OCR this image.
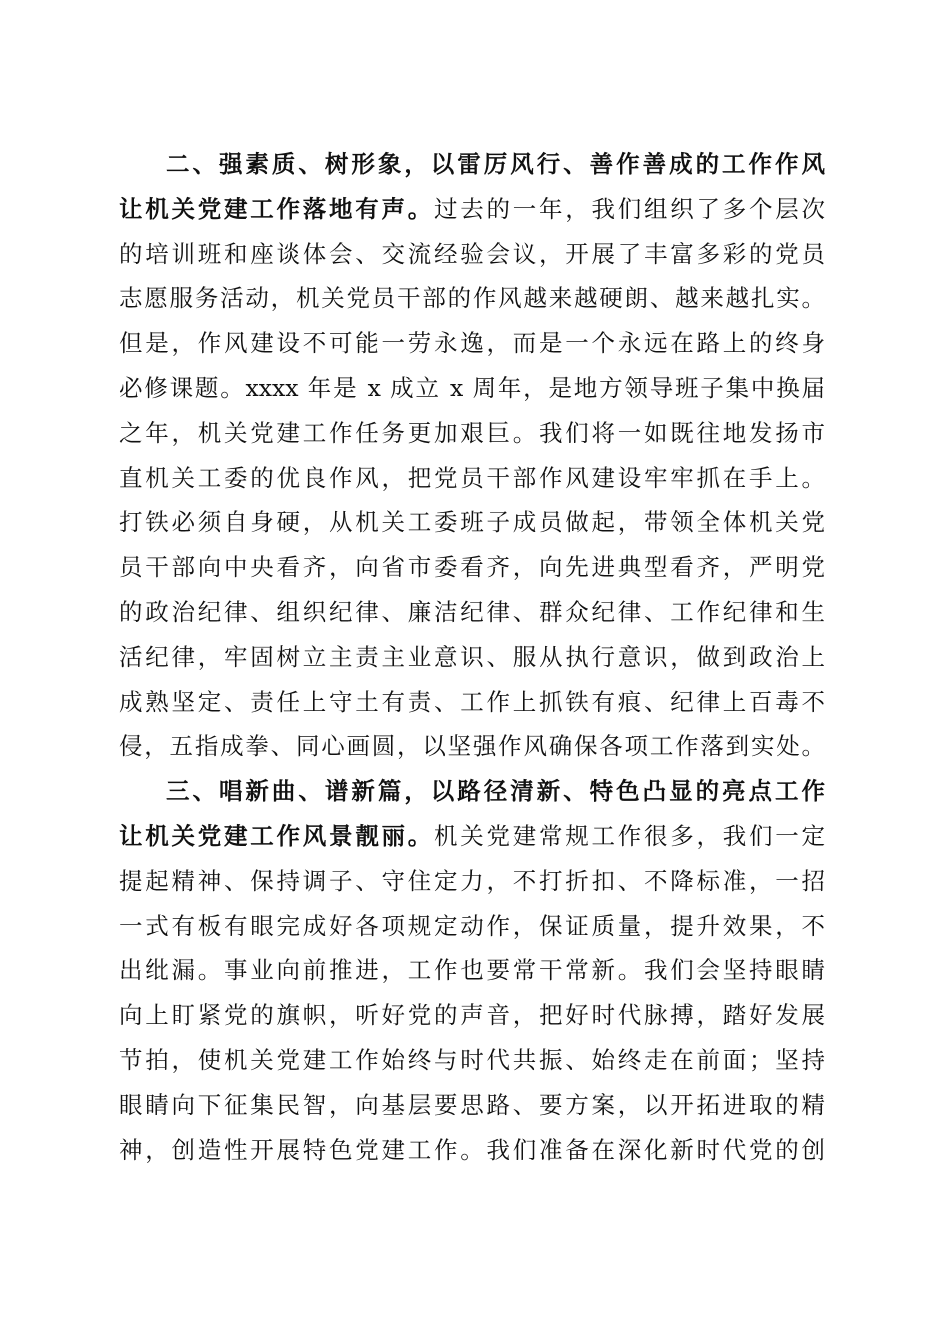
二、强素质、树形象，以雷厉风行、善作善成的工作作风
让机关党建工作落地有声。过去的一年，我们组织了多个层次
的培训班和座谈体会、交流经验会议，开展了丰富多彩的党员
志愿服务活动，机关党员干部的作风越来越硬朗、越来越扎实。
但是，作风建设不可能一劳永逸，而是一个永远在路上的终身
必修课题。xxxx 年是 x 成立 x 周年，是地方领导班子集中换届
之年，机关党建工作任务更加艰巨。我们将一如既往地发扬市
直机关工委的优良作风，把党员干部作风建设牢牢抓在手上。
打铁必须自身硬，从机关工委班子成员做起，带领全体机关党
员干部向中央看齐，向省市委看齐，向先进典型看齐，严明党
的政治纪律、组织纪律、廉洁纪律、群众纪律、工作纪律和生
活纪律，牢固树立主责主业意识、服从执行意识，做到政治上
成熟坚定、责任上守土有责、工作上抓铁有痕、纪律上百毒不
侵，五指成拳、同心画圆，以坚强作风确保各项工作落到实处。
三、唱新曲、谱新篇，以路径清新、特色凸显的亮点工作
让机关党建工作风景靓丽。机关党建常规工作很多，我们一定
提起精神、保持调子、守住定力，不打折扣、不降标准，一招
一式有板有眼完成好各项规定动作，保证质量，提升效果，不
出纰漏。事业向前推进，工作也要常干常新。我们会坚持眼睛
向上盯紧党的旗帜，听好党的声音，把好时代脉搏，踏好发展
节拍，使机关党建工作始终与时代共振、始终走在前面；坚持
眼睛向下征集民智，向基层要思路、要方案，以开拓进取的精
神，创造性开展特色党建工作。我们准备在深化新时代党的创
